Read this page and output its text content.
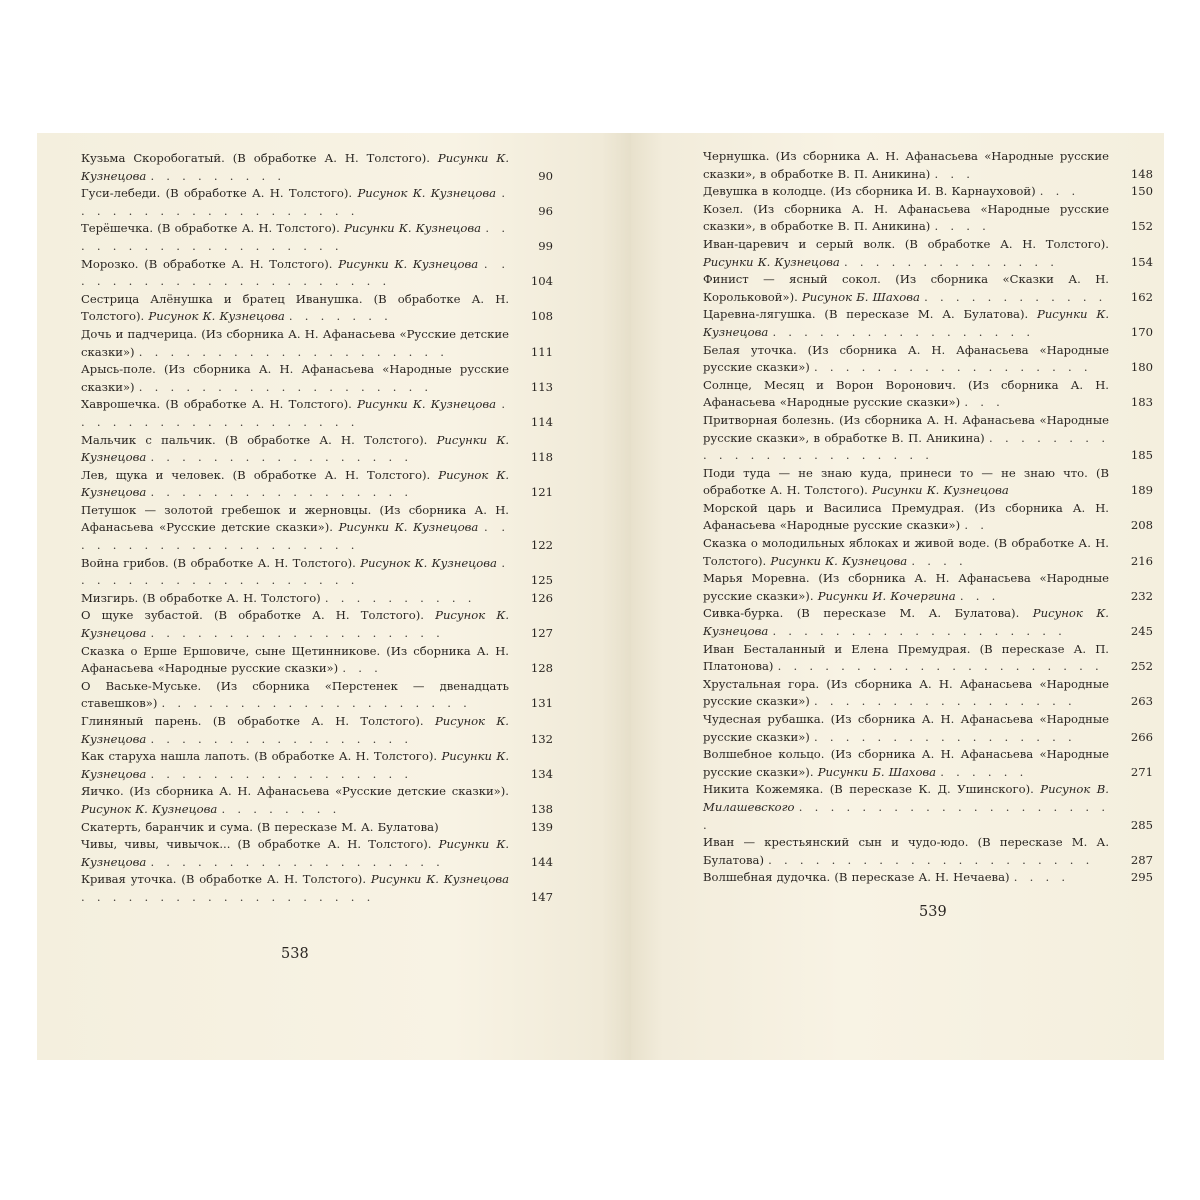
Кузьма Скоробогатый. (В обработке А. Н. Толстого). Рисунки К. Кузнецова . . . . . . . . .	90
Гуси-лебеди. (В обработке А. Н. Толстого). Рисунок К. Кузнецова . . . . . . . . . . . . . . . . . . .	96
Терёшечка. (В обработке А. Н. Толстого). Рисунки К. Кузнецова . . . . . . . . . . . . . . . . . . .	99
Морозко. (В обработке А. Н. Толстого). Рисунки К. Кузнецова . . . . . . . . . . . . . . . . . . . . . .	104
Сестрица Алёнушка и братец Иванушка. (В обработке А. Н. Толстого). Рисунок К. Кузнецова . . . . . . .	108
Дочь и падчерица. (Из сборника А. Н. Афанасьева «Русские детские сказки») . . . . . . . . . . . . . . . . . . . .	111
Арысь-поле. (Из сборника А. Н. Афанасьева «Народные русские сказки») . . . . . . . . . . . . . . . . . . .	113
Хаврошечка. (В обработке А. Н. Толстого). Рисунки К. Кузнецова . . . . . . . . . . . . . . . . . . .	114
Мальчик с пальчик. (В обработке А. Н. Толстого). Рисунки К. Кузнецова . . . . . . . . . . . . . . . . .	118
Лев, щука и человек. (В обработке А. Н. Толстого). Рисунок К. Кузнецова . . . . . . . . . . . . . . . . .	121
Петушок — золотой гребешок и жерновцы. (Из сборника А. Н. Афанасьева «Русские детские сказки»). Рисунки К. Кузнецова . . . . . . . . . . . . . . . . . . . .	122
Война грибов. (В обработке А. Н. Толстого). Рисунок К. Кузнецова . . . . . . . . . . . . . . . . . . .	125
Мизгирь. (В обработке А. Н. Толстого) . . . . . . . . . .	126
О щуке зубастой. (В обработке А. Н. Толстого). Рисунок К. Кузнецова . . . . . . . . . . . . . . . . . . .	127
Сказка о Ерше Ершовиче, сыне Щетинникове. (Из сборника А. Н. Афанасьева «Народные русские сказки») . . .	128
О Ваське-Муське. (Из сборника «Перстенек — двенадцать ставешков») . . . . . . . . . . . . . . . . . . . .	131
Глиняный парень. (В обработке А. Н. Толстого). Рисунок К. Кузнецова . . . . . . . . . . . . . . . . .	132
Как старуха нашла лапоть. (В обработке А. Н. Толстого). Рисунки К. Кузнецова . . . . . . . . . . . . . . . . .	134
Яичко. (Из сборника А. Н. Афанасьева «Русские детские сказки»). Рисунок К. Кузнецова . . . . . . . .	138
Скатерть, баранчик и сума. (В пересказе М. А. Булатова)	139
Чивы, чивы, чивычок... (В обработке А. Н. Толстого). Рисунки К. Кузнецова . . . . . . . . . . . . . . . . . . .	144
Кривая уточка. (В обработке А. Н. Толстого). Рисунки К. Кузнецова . . . . . . . . . . . . . . . . . . .	147
538
Чернушка. (Из сборника А. Н. Афанасьева «Народные русские сказки», в обработке В. П. Аникина) . . .	148
Девушка в колодце. (Из сборника И. В. Карнауховой) . . .	150
Козел. (Из сборника А. Н. Афанасьева «Народные русские сказки», в обработке В. П. Аникина) . . . .	152
Иван-царевич и серый волк. (В обработке А. Н. Толстого). Рисунки К. Кузнецова . . . . . . . . . . . . . .	154
Финист — ясный сокол. (Из сборника «Сказки А. Н. Корольковой»). Рисунок Б. Шахова . . . . . . . . . . . .	162
Царевна-лягушка. (В пересказе М. А. Булатова). Рисунки К. Кузнецова . . . . . . . . . . . . . . . . .	170
Белая уточка. (Из сборника А. Н. Афанасьева «Народные русские сказки») . . . . . . . . . . . . . . . . . .	180
Солнце, Месяц и Ворон Воронович. (Из сборника А. Н. Афанасьева «Народные русские сказки») . . .	183
Притворная болезнь. (Из сборника А. Н. Афанасьева «Народные русские сказки», в обработке В. П. Аникина) . . . . . . . . . . . . . . . . . . . . . . .	185
Поди туда — не знаю куда, принеси то — не знаю что. (В обработке А. Н. Толстого). Рисунки К. Кузнецова	189
Морской царь и Василиса Премудрая. (Из сборника А. Н. Афанасьева «Народные русские сказки») . .	208
Сказка о молодильных яблоках и живой воде. (В обработке А. Н. Толстого). Рисунки К. Кузнецова . . . .	216
Марья Моревна. (Из сборника А. Н. Афанасьева «Народные русские сказки»). Рисунки И. Кочергина . . .	232
Сивка-бурка. (В пересказе М. А. Булатова). Рисунок К. Кузнецова . . . . . . . . . . . . . . . . . . .	245
Иван Бесталанный и Елена Премудрая. (В пересказе А. П. Платонова) . . . . . . . . . . . . . . . . . . . . .	252
Хрустальная гора. (Из сборника А. Н. Афанасьева «Народные русские сказки») . . . . . . . . . . . . . . . . .	263
Чудесная рубашка. (Из сборника А. Н. Афанасьева «Народные русские сказки») . . . . . . . . . . . . . . . . .	266
Волшебное кольцо. (Из сборника А. Н. Афанасьева «Народные русские сказки»). Рисунки Б. Шахова . . . . . .	271
Никита Кожемяка. (В пересказе К. Д. Ушинского). Рисунок В. Милашевского . . . . . . . . . . . . . . . . . . . . .	285
Иван — крестьянский сын и чудо-юдо. (В пересказе М. А. Булатова) . . . . . . . . . . . . . . . . . . . . .	287
Волшебная дудочка. (В пересказе А. Н. Нечаева) . . . .	295
539
